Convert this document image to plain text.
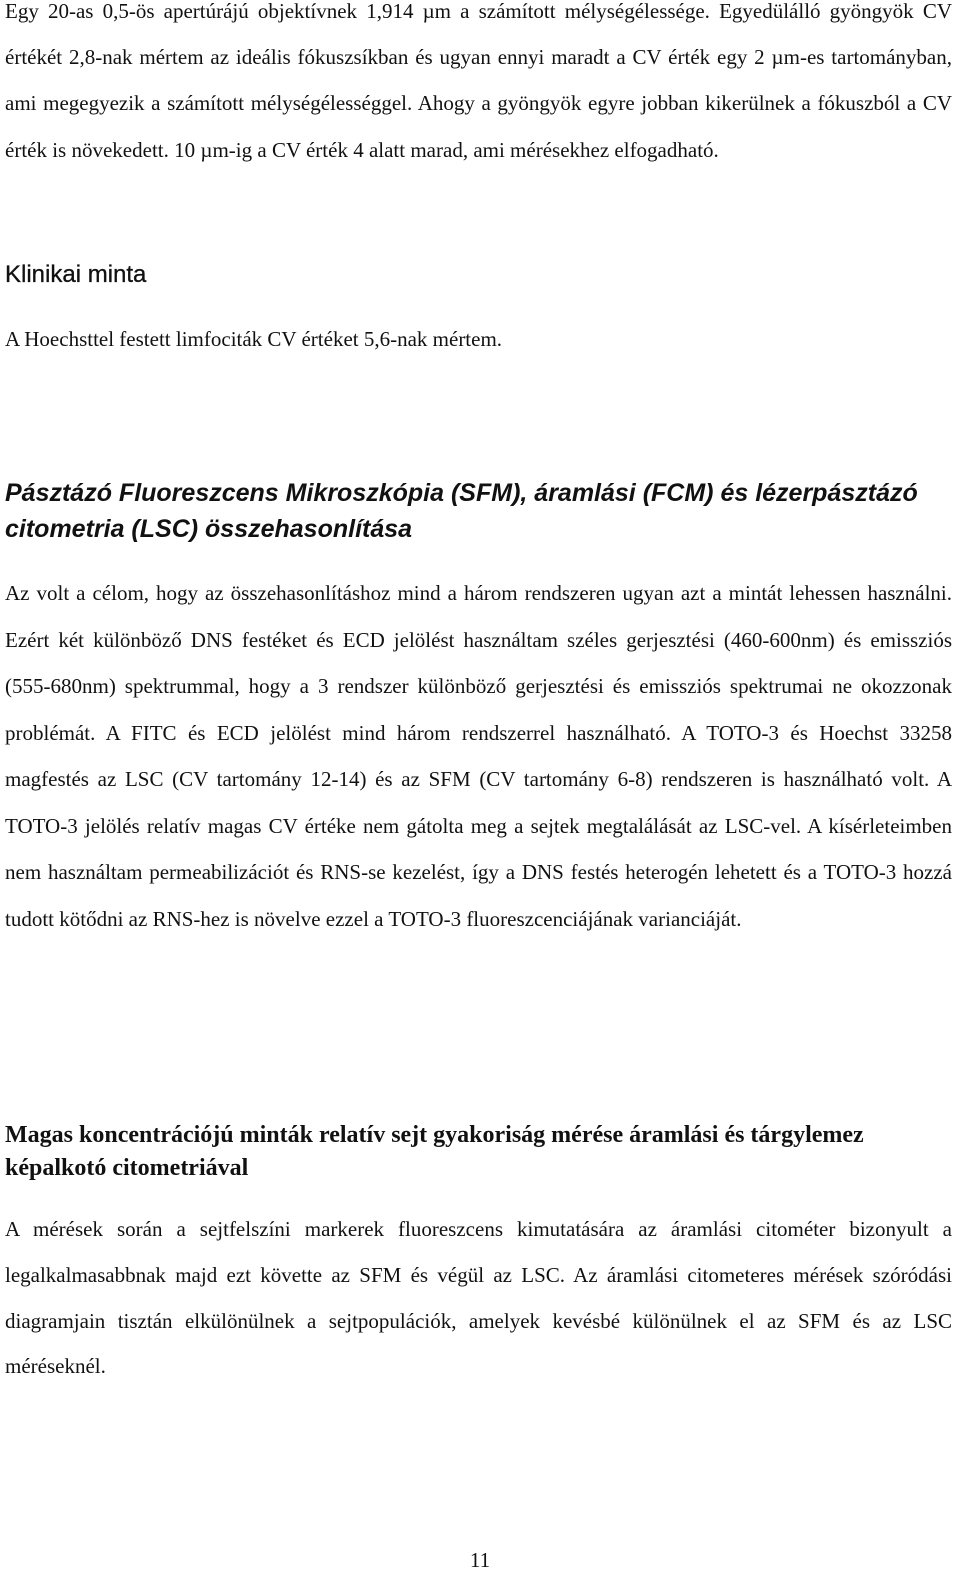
Egy 20-as 0,5-ös apertúrájú objektívnek 1,914 µm a számított mélységélessége. Egyedülálló gyöngyök CV értékét 2,8-nak mértem az ideális fókuszsíkban és ugyan ennyi maradt a CV érték egy 2 µm-es tartományban, ami megegyezik a számított mélységélességgel. Ahogy a gyöngyök egyre jobban kikerülnek a fókuszból a CV érték is növekedett. 10 µm-ig a CV érték 4 alatt marad, ami mérésekhez elfogadható.

Klinikai minta

A Hoechsttel festett limfociták CV értéket 5,6-nak mértem.

Pásztázó Fluoreszcens Mikroszkópia (SFM), áramlási (FCM) és lézerpásztázó citometria (LSC) összehasonlítása

Az volt a célom, hogy az összehasonlításhoz mind a három rendszeren ugyan azt a mintát lehessen használni. Ezért két különböző DNS festéket és ECD jelölést használtam széles gerjesztési (460-600nm) és emissziós (555-680nm) spektrummal, hogy a 3 rendszer különböző gerjesztési és emissziós spektrumai ne okozzonak problémát. A FITC és ECD jelölést mind három rendszerrel használható. A TOTO-3 és Hoechst 33258 magfestés az LSC (CV tartomány 12-14) és az SFM (CV tartomány 6-8) rendszeren is használható volt. A TOTO-3 jelölés relatív magas CV értéke nem gátolta meg a sejtek megtalálását az LSC-vel. A kísérleteimben nem használtam permeabilizációt és RNS-se kezelést, így a DNS festés heterogén lehetett és a TOTO-3 hozzá tudott kötődni az RNS-hez is növelve ezzel a TOTO-3 fluoreszcenciájának varianciáját.

Magas koncentrációjú minták relatív sejt gyakoriság mérése áramlási és tárgylemez képalkotó citometriával

A mérések során a sejtfelszíni markerek fluoreszcens kimutatására az áramlási citométer bizonyult a legalkalmasabbnak majd ezt követte az SFM és végül az LSC. Az áramlási citometeres mérések szóródási diagramjain tisztán elkülönülnek a sejtpopulációk, amelyek kevésbé különülnek el az SFM és az LSC méréseknél.

11
